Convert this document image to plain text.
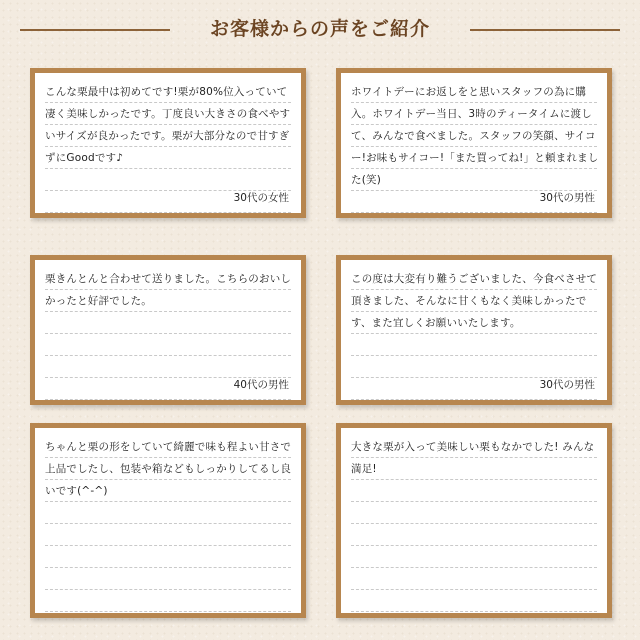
お客様からの声をご紹介
こんな栗最中は初めてです!栗が80%位入っていて凄く美味しかったです。丁度良い大きさの食べやすいサイズが良かったです。栗が大部分なので甘すぎずにGoodです♪
30代の女性
ホワイトデーにお返しをと思いスタッフの為に購入。ホワイトデー当日、3時のティータイムに渡して、みんなで食べました。スタッフの笑顔、サイコー!お味もサイコー!「また買ってね!」と頼まれました(笑)
30代の男性
栗きんとんと合わせて送りました。こちらのおいしかったと好評でした。
40代の男性
この度は大変有り難うございました、今食べさせて頂きました、そんなに甘くもなく美味しかったです、また宜しくお願いいたします。
30代の男性
ちゃんと栗の形をしていて綺麗で味も程よい甘さで上品でしたし、包装や箱などもしっかりしてるし良いです(^-^)
大きな栗が入って美味しい栗もなかでした! みんな満足!
